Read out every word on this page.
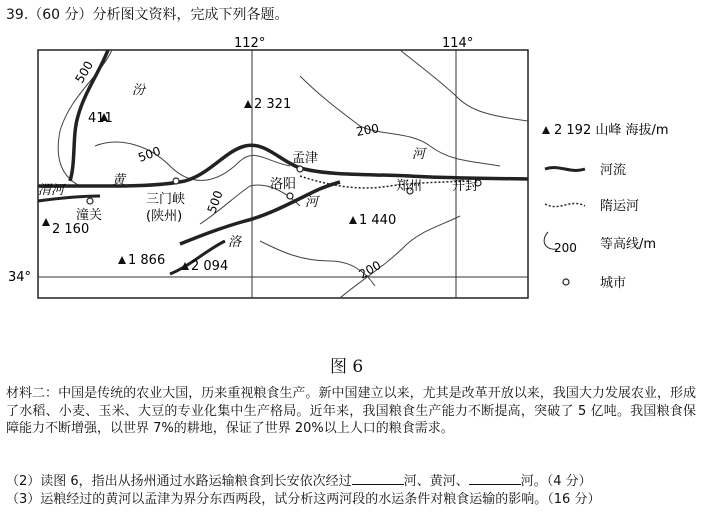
39.（60 分）分析图文资料，完成下列各题。
112°	114°
34°
渭河
黄
河
河
洛
汾
潼关
三门峡
(陕州)
孟津
洛阳	郑州 开封
500
500
500
200
200
411
2 321
2 160
1 440
1 866 2 094
2 192 山峰 海拔/m
河流
隋运河
200 等高线/m
城市
图 6

材料二：中国是传统的农业大国，历来重视粮食生产。新中国建立以来，尤其是改革开放以来，我国大力发展农业，形成了水稻、小麦、玉米、大豆的专业化集中生产格局。近年来，我国粮食生产能力不断提高，突破了 5 亿吨。我国粮食保障能力不断增强，以世界 7%的耕地，保证了世界 20%以上人口的粮食需求。

（2）读图 6，指出从扬州通过水路运输粮食到长安依次经过	河、黄河、	河。（4 分）
（3）运粮经过的黄河以孟津为界分东西两段，试分析这两河段的水运条件对粮食运输的影响。（16 分）
